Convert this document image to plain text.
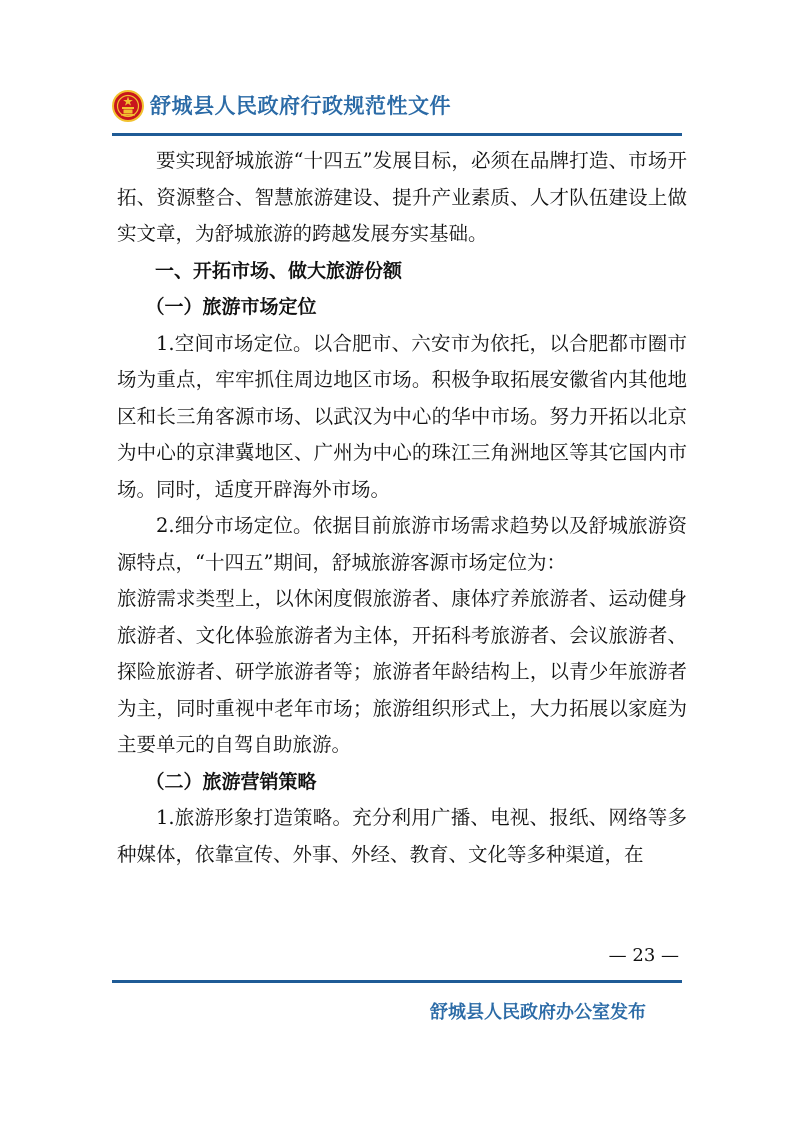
舒城县人民政府行政规范性文件

要实现舒城旅游“十四五”发展目标，必须在品牌打造、市场开拓、资源整合、智慧旅游建设、提升产业素质、人才队伍建设上做实文章，为舒城旅游的跨越发展夯实基础。

一、开拓市场、做大旅游份额

（一）旅游市场定位

1.空间市场定位。以合肥市、六安市为依托，以合肥都市圈市场为重点，牢牢抓住周边地区市场。积极争取拓展安徽省内其他地区和长三角客源市场、以武汉为中心的华中市场。努力开拓以北京为中心的京津冀地区、广州为中心的珠江三角洲地区等其它国内市场。同时，适度开辟海外市场。

2.细分市场定位。依据目前旅游市场需求趋势以及舒城旅游资源特点，“十四五”期间，舒城旅游客源市场定位为：

旅游需求类型上，以休闲度假旅游者、康体疗养旅游者、运动健身旅游者、文化体验旅游者为主体，开拓科考旅游者、会议旅游者、探险旅游者、研学旅游者等；旅游者年龄结构上，以青少年旅游者为主，同时重视中老年市场；旅游组织形式上，大力拓展以家庭为主要单元的自驾自助旅游。

（二）旅游营销策略

1.旅游形象打造策略。充分利用广播、电视、报纸、网络等多种媒体，依靠宣传、外事、外经、教育、文化等多种渠道，在

— 23 —
舒城县人民政府办公室发布
